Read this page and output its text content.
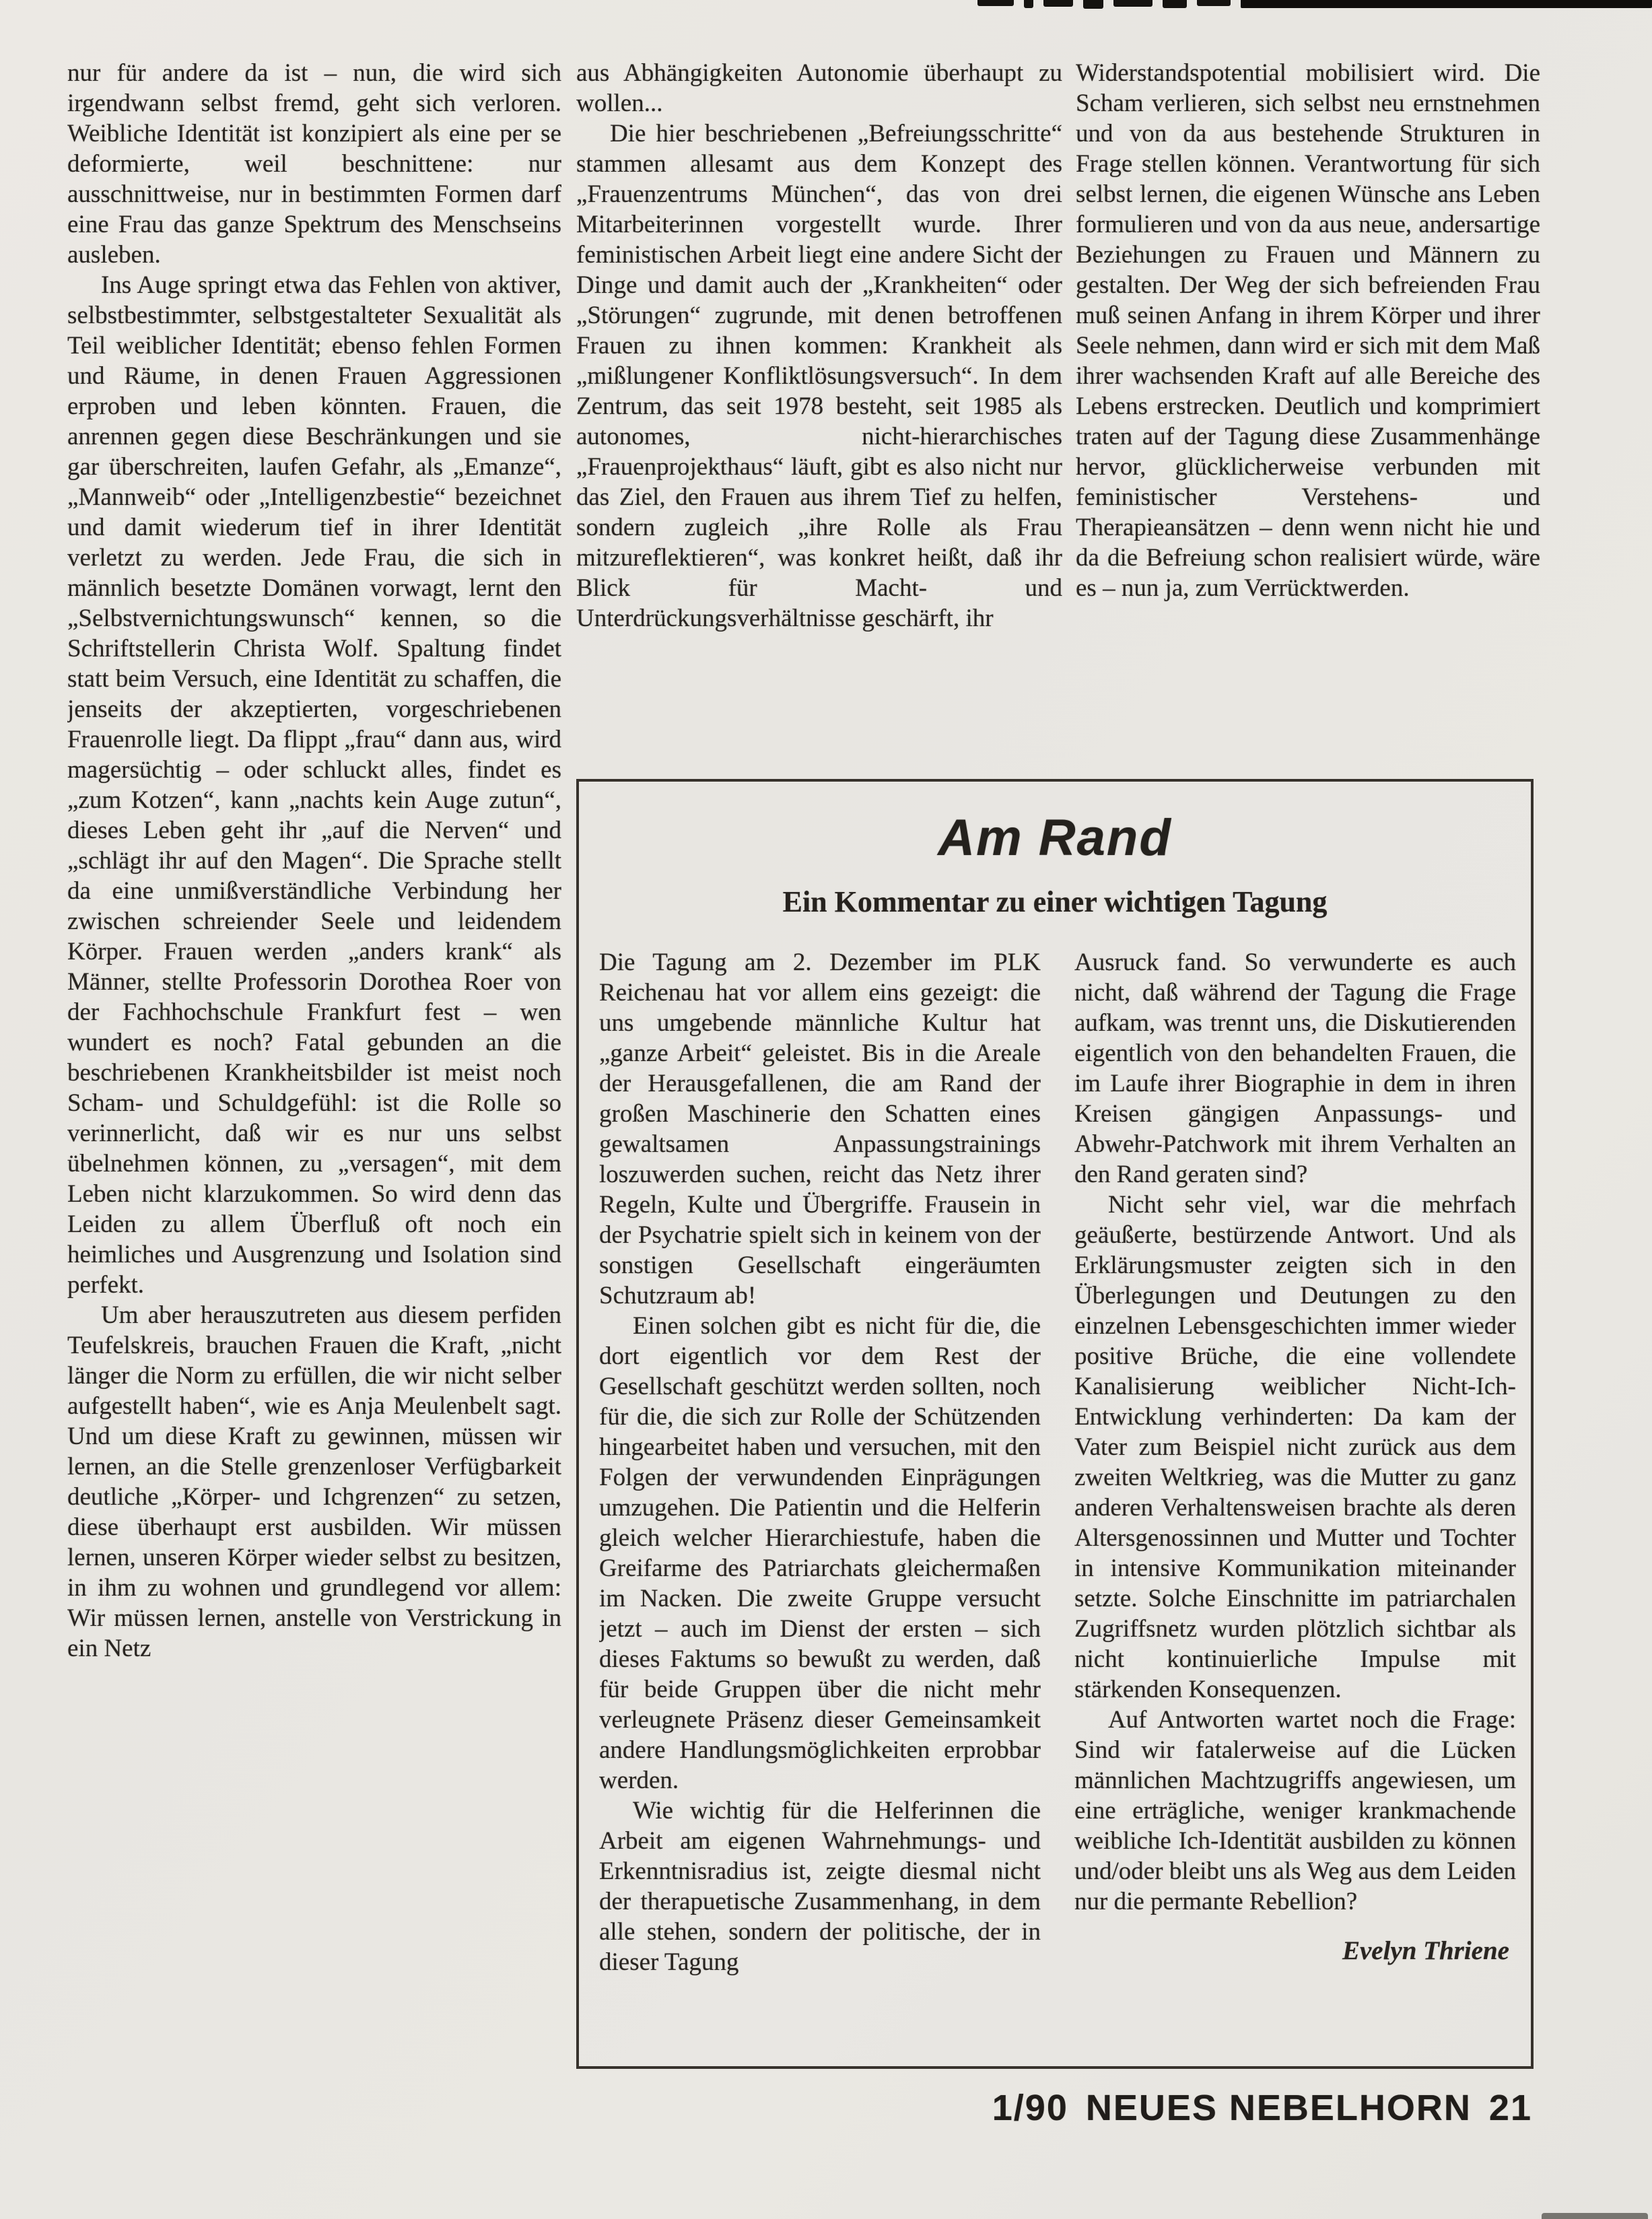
nur für andere da ist – nun, die wird sich irgendwann selbst fremd, geht sich verloren. Weibliche Identität ist konzipiert als eine per se deformierte, weil beschnittene: nur ausschnittweise, nur in bestimmten Formen darf eine Frau das ganze Spektrum des Menschseins ausleben.

Ins Auge springt etwa das Fehlen von aktiver, selbstbestimmter, selbstgestalteter Sexualität als Teil weiblicher Identität; ebenso fehlen Formen und Räume, in denen Frauen Aggressionen erproben und leben könnten. Frauen, die anrennen gegen diese Beschränkungen und sie gar überschreiten, laufen Gefahr, als „Emanze“, „Mannweib“ oder „Intelligenzbestie“ bezeichnet und damit wiederum tief in ihrer Identität verletzt zu werden. Jede Frau, die sich in männlich besetzte Domänen vorwagt, lernt den „Selbstvernichtungswunsch“ kennen, so die Schriftstellerin Christa Wolf. Spaltung findet statt beim Versuch, eine Identität zu schaffen, die jenseits der akzeptierten, vorgeschriebenen Frauenrolle liegt. Da flippt „frau“ dann aus, wird magersüchtig – oder schluckt alles, findet es „zum Kotzen“, kann „nachts kein Auge zutun“, dieses Leben geht ihr „auf die Nerven“ und „schlägt ihr auf den Magen“. Die Sprache stellt da eine unmißverständliche Verbindung her zwischen schreiender Seele und leidendem Körper. Frauen werden „anders krank“ als Männer, stellte Professorin Dorothea Roer von der Fachhochschule Frankfurt fest – wen wundert es noch? Fatal gebunden an die beschriebenen Krankheitsbilder ist meist noch Scham- und Schuldgefühl: ist die Rolle so verinnerlicht, daß wir es nur uns selbst übelnehmen können, zu „versagen“, mit dem Leben nicht klarzukommen. So wird denn das Leiden zu allem Überfluß oft noch ein heimliches und Ausgrenzung und Isolation sind perfekt.

Um aber herauszutreten aus diesem perfiden Teufelskreis, brauchen Frauen die Kraft, „nicht länger die Norm zu erfüllen, die wir nicht selber aufgestellt haben“, wie es Anja Meulenbelt sagt. Und um diese Kraft zu gewinnen, müssen wir lernen, an die Stelle grenzenloser Verfügbarkeit deutliche „Körper- und Ichgrenzen“ zu setzen, diese überhaupt erst ausbilden. Wir müssen lernen, unseren Körper wieder selbst zu besitzen, in ihm zu wohnen und grundlegend vor allem: Wir müssen lernen, anstelle von Verstrickung in ein Netz

aus Abhängigkeiten Autonomie überhaupt zu wollen...

Die hier beschriebenen „Befreiungsschritte“ stammen allesamt aus dem Konzept des „Frauenzentrums München“, das von drei Mitarbeiterinnen vorgestellt wurde. Ihrer feministischen Arbeit liegt eine andere Sicht der Dinge und damit auch der „Krankheiten“ oder „Störungen“ zugrunde, mit denen betroffenen Frauen zu ihnen kommen: Krankheit als „mißlungener Konfliktlösungsversuch“. In dem Zentrum, das seit 1978 besteht, seit 1985 als autonomes, nicht-hierarchisches „Frauenprojekthaus“ läuft, gibt es also nicht nur das Ziel, den Frauen aus ihrem Tief zu helfen, sondern zugleich „ihre Rolle als Frau mitzureflektieren“, was konkret heißt, daß ihr Blick für Macht- und Unterdrückungsverhältnisse geschärft, ihr

Widerstandspotential mobilisiert wird. Die Scham verlieren, sich selbst neu ernstnehmen und von da aus bestehende Strukturen in Frage stellen können. Verantwortung für sich selbst lernen, die eigenen Wünsche ans Leben formulieren und von da aus neue, andersartige Beziehungen zu Frauen und Männern zu gestalten. Der Weg der sich befreienden Frau muß seinen Anfang in ihrem Körper und ihrer Seele nehmen, dann wird er sich mit dem Maß ihrer wachsenden Kraft auf alle Bereiche des Lebens erstrecken. Deutlich und komprimiert traten auf der Tagung diese Zusammenhänge hervor, glücklicherweise verbunden mit feministischer Verstehens- und Therapieansätzen – denn wenn nicht hie und da die Befreiung schon realisiert würde, wäre es – nun ja, zum Verrücktwerden.

Am Rand
Ein Kommentar zu einer wichtigen Tagung

Die Tagung am 2. Dezember im PLK Reichenau hat vor allem eins gezeigt: die uns umgebende männliche Kultur hat „ganze Arbeit“ geleistet. Bis in die Areale der Herausgefallenen, die am Rand der großen Maschinerie den Schatten eines gewaltsamen Anpassungstrainings loszuwerden suchen, reicht das Netz ihrer Regeln, Kulte und Übergriffe. Frausein in der Psychatrie spielt sich in keinem von der sonstigen Gesellschaft eingeräumten Schutzraum ab!

Einen solchen gibt es nicht für die, die dort eigentlich vor dem Rest der Gesellschaft geschützt werden sollten, noch für die, die sich zur Rolle der Schützenden hingearbeitet haben und versuchen, mit den Folgen der verwundenden Einprägungen umzugehen. Die Patientin und die Helferin gleich welcher Hierarchiestufe, haben die Greifarme des Patriarchats gleichermaßen im Nacken. Die zweite Gruppe versucht jetzt – auch im Dienst der ersten – sich dieses Faktums so bewußt zu werden, daß für beide Gruppen über die nicht mehr verleugnete Präsenz dieser Gemeinsamkeit andere Handlungsmöglichkeiten erprobbar werden.

Wie wichtig für die Helferinnen die Arbeit am eigenen Wahrnehmungs- und Erkenntnisradius ist, zeigte diesmal nicht der therapuetische Zusammenhang, in dem alle stehen, sondern der politische, der in dieser Tagung

Ausruck fand. So verwunderte es auch nicht, daß während der Tagung die Frage aufkam, was trennt uns, die Diskutierenden eigentlich von den behandelten Frauen, die im Laufe ihrer Biographie in dem in ihren Kreisen gängigen Anpassungs- und Abwehr-Patchwork mit ihrem Verhalten an den Rand geraten sind?

Nicht sehr viel, war die mehrfach geäußerte, bestürzende Antwort. Und als Erklärungsmuster zeigten sich in den Überlegungen und Deutungen zu den einzelnen Lebensgeschichten immer wieder positive Brüche, die eine vollendete Kanalisierung weiblicher Nicht-Ich-Entwicklung verhinderten: Da kam der Vater zum Beispiel nicht zurück aus dem zweiten Weltkrieg, was die Mutter zu ganz anderen Verhaltensweisen brachte als deren Altersgenossinnen und Mutter und Tochter in intensive Kommunikation miteinander setzte. Solche Einschnitte im patriarchalen Zugriffsnetz wurden plötzlich sichtbar als nicht kontinuierliche Impulse mit stärkenden Konsequenzen.

Auf Antworten wartet noch die Frage: Sind wir fatalerweise auf die Lücken männlichen Machtzugriffs angewiesen, um eine erträgliche, weniger krankmachende weibliche Ich-Identität ausbilden zu können und/oder bleibt uns als Weg aus dem Leiden nur die permante Rebellion?

Evelyn Thriene

1/90 NEUES NEBELHORN 21
